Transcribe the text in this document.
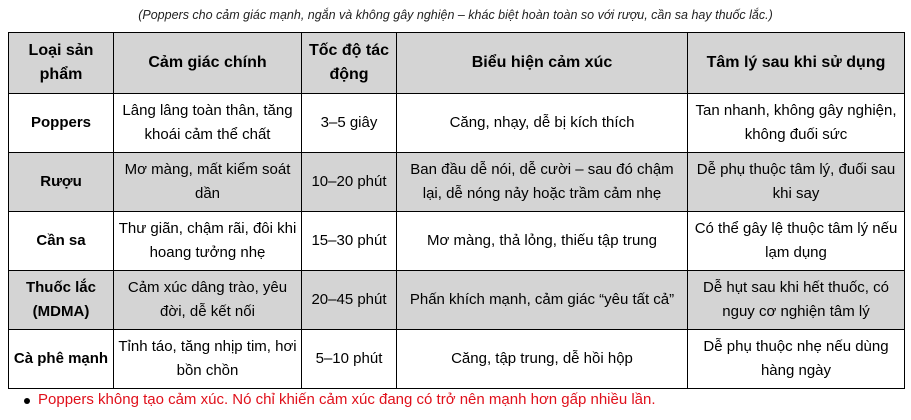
(Poppers cho cảm giác mạnh, ngắn và không gây nghiện – khác biệt hoàn toàn so với rượu, cần sa hay thuốc lắc.)
Loại sản phẩm	Cảm giác chính	Tốc độ tác động	Biểu hiện cảm xúc	Tâm lý sau khi sử dụng
Poppers	Lâng lâng toàn thân, tăng khoái cảm thể chất	3–5 giây	Căng, nhạy, dễ bị kích thích	Tan nhanh, không gây nghiện, không đuối sức
Rượu	Mơ màng, mất kiểm soát dần	10–20 phút	Ban đầu dễ nói, dễ cười – sau đó chậm lại, dễ nóng nảy hoặc trầm cảm nhẹ	Dễ phụ thuộc tâm lý, đuối sau khi say
Cần sa	Thư giãn, chậm rãi, đôi khi hoang tưởng nhẹ	15–30 phút	Mơ màng, thả lỏng, thiếu tập trung	Có thể gây lệ thuộc tâm lý nếu lạm dụng
Thuốc lắc (MDMA)	Cảm xúc dâng trào, yêu đời, dễ kết nối	20–45 phút	Phấn khích mạnh, cảm giác “yêu tất cả”	Dễ hụt sau khi hết thuốc, có nguy cơ nghiện tâm lý
Cà phê mạnh	Tỉnh táo, tăng nhịp tim, hơi bồn chồn	5–10 phút	Căng, tập trung, dễ hồi hộp	Dễ phụ thuộc nhẹ nếu dùng hàng ngày
Poppers không tạo cảm xúc. Nó chỉ khiến cảm xúc đang có trở nên mạnh hơn gấp nhiều lần.
